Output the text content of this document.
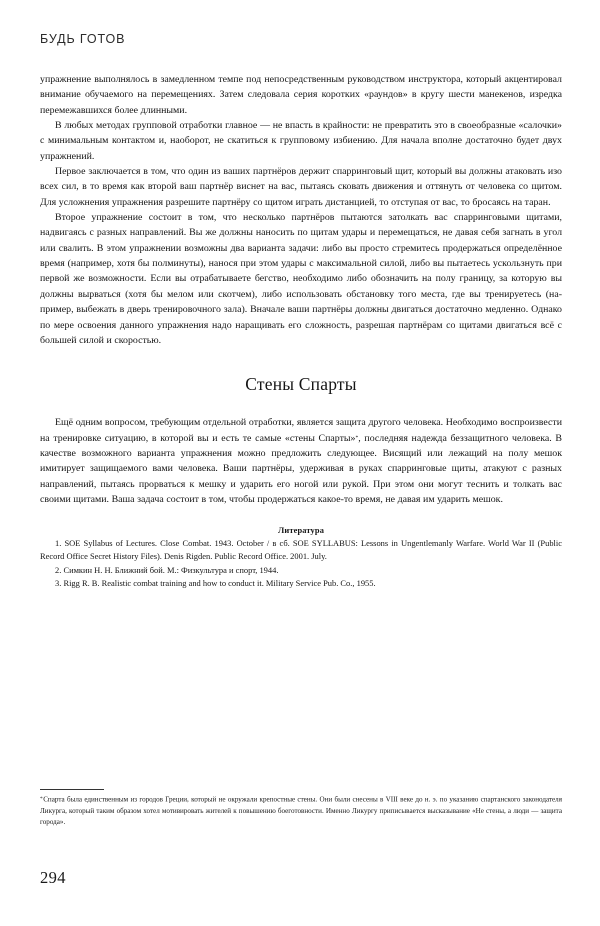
БУДЬ ГОТОВ

упражнение выполнялось в замедленном темпе под непосредственным руководством инструктора, который акцентировал внимание обучаемого на перемещениях. Затем следовала серия коротких «раундов» в кругу шести манекенов, изредка перемежавшихся более длинными.

В любых методах групповой отработки главное — не впасть в крайности: не превратить это в своеобразные «салочки» с минимальным контактом и, наоборот, не скатиться к групповому избиению. Для начала вполне достаточно будет двух упражнений.

Первое заключается в том, что один из ваших партнёров держит спарринговый щит, который вы должны атаковать изо всех сил, в то время как второй ваш партнёр виснет на вас, пытаясь сковать движения и оттянуть от человека со щитом. Для усложнения упражнения разрешите партнёру со щитом играть дистанцией, то отступая от вас, то бросаясь на таран.

Второе упражнение состоит в том, что несколько партнёров пытаются затолкать вас спарринговыми щитами, надвигаясь с разных направлений. Вы же должны наносить по щитам удары и перемещаться, не давая себя загнать в угол или свалить. В этом упражнении возможны два варианта задачи: либо вы просто стремитесь продержаться определённое время (например, хотя бы полминуты), нанося при этом удары с максимальной силой, либо вы пытаетесь ускользнуть при первой же возможности. Если вы отрабатываете бегство, необходимо либо обозначить на полу границу, за которую вы должны вырваться (хотя бы мелом или скотчем), либо использовать обстановку того места, где вы тренируетесь (например, выбежать в дверь тренировочного зала). Вначале ваши партнёры должны двигаться достаточно медленно. Однако по мере освоения данного упражнения надо наращивать его сложность, разрешая партнёрам со щитами двигаться всё с большей силой и скоростью.

Стены Спарты

Ещё одним вопросом, требующим отдельной отработки, является защита другого человека. Необходимо воспроизвести на тренировке ситуацию, в которой вы и есть те самые «стены Спарты»*, последняя надежда беззащитного человека. В качестве возможного варианта упражнения можно предложить следующее. Висящий или лежащий на полу мешок имитирует защищаемого вами человека. Ваши партнёры, удерживая в руках спарринговые щиты, атакуют с разных направлений, пытаясь прорваться к мешку и ударить его ногой или рукой. При этом они могут теснить и толкать вас своими щитами. Ваша задача состоит в том, чтобы продержаться какое-то время, не давая им ударить мешок.

Литература

1. SOE Syllabus of Lectures. Close Combat. 1943. October / в сб. SOE SYLLABUS: Lessons in Ungentlemanly Warfare. World War II (Public Record Office Secret History Files). Denis Rigden. Public Record Office. 2001. July.
2. Симкин Н. Н. Ближний бой. М.: Физкультура и спорт, 1944.
3. Rigg R. B. Realistic combat training and how to conduct it. Military Service Pub. Co., 1955.

*Спарта была единственным из городов Греции, который не окружали крепостные стены. Они были снесены в VIII веке до н. э. по указанию спартанского законодателя Ликурга, который таким образом хотел мотивировать жителей к повышению боеготовности. Именно Ликургу приписывается высказывание «Не стены, а люди — защита города».

294
